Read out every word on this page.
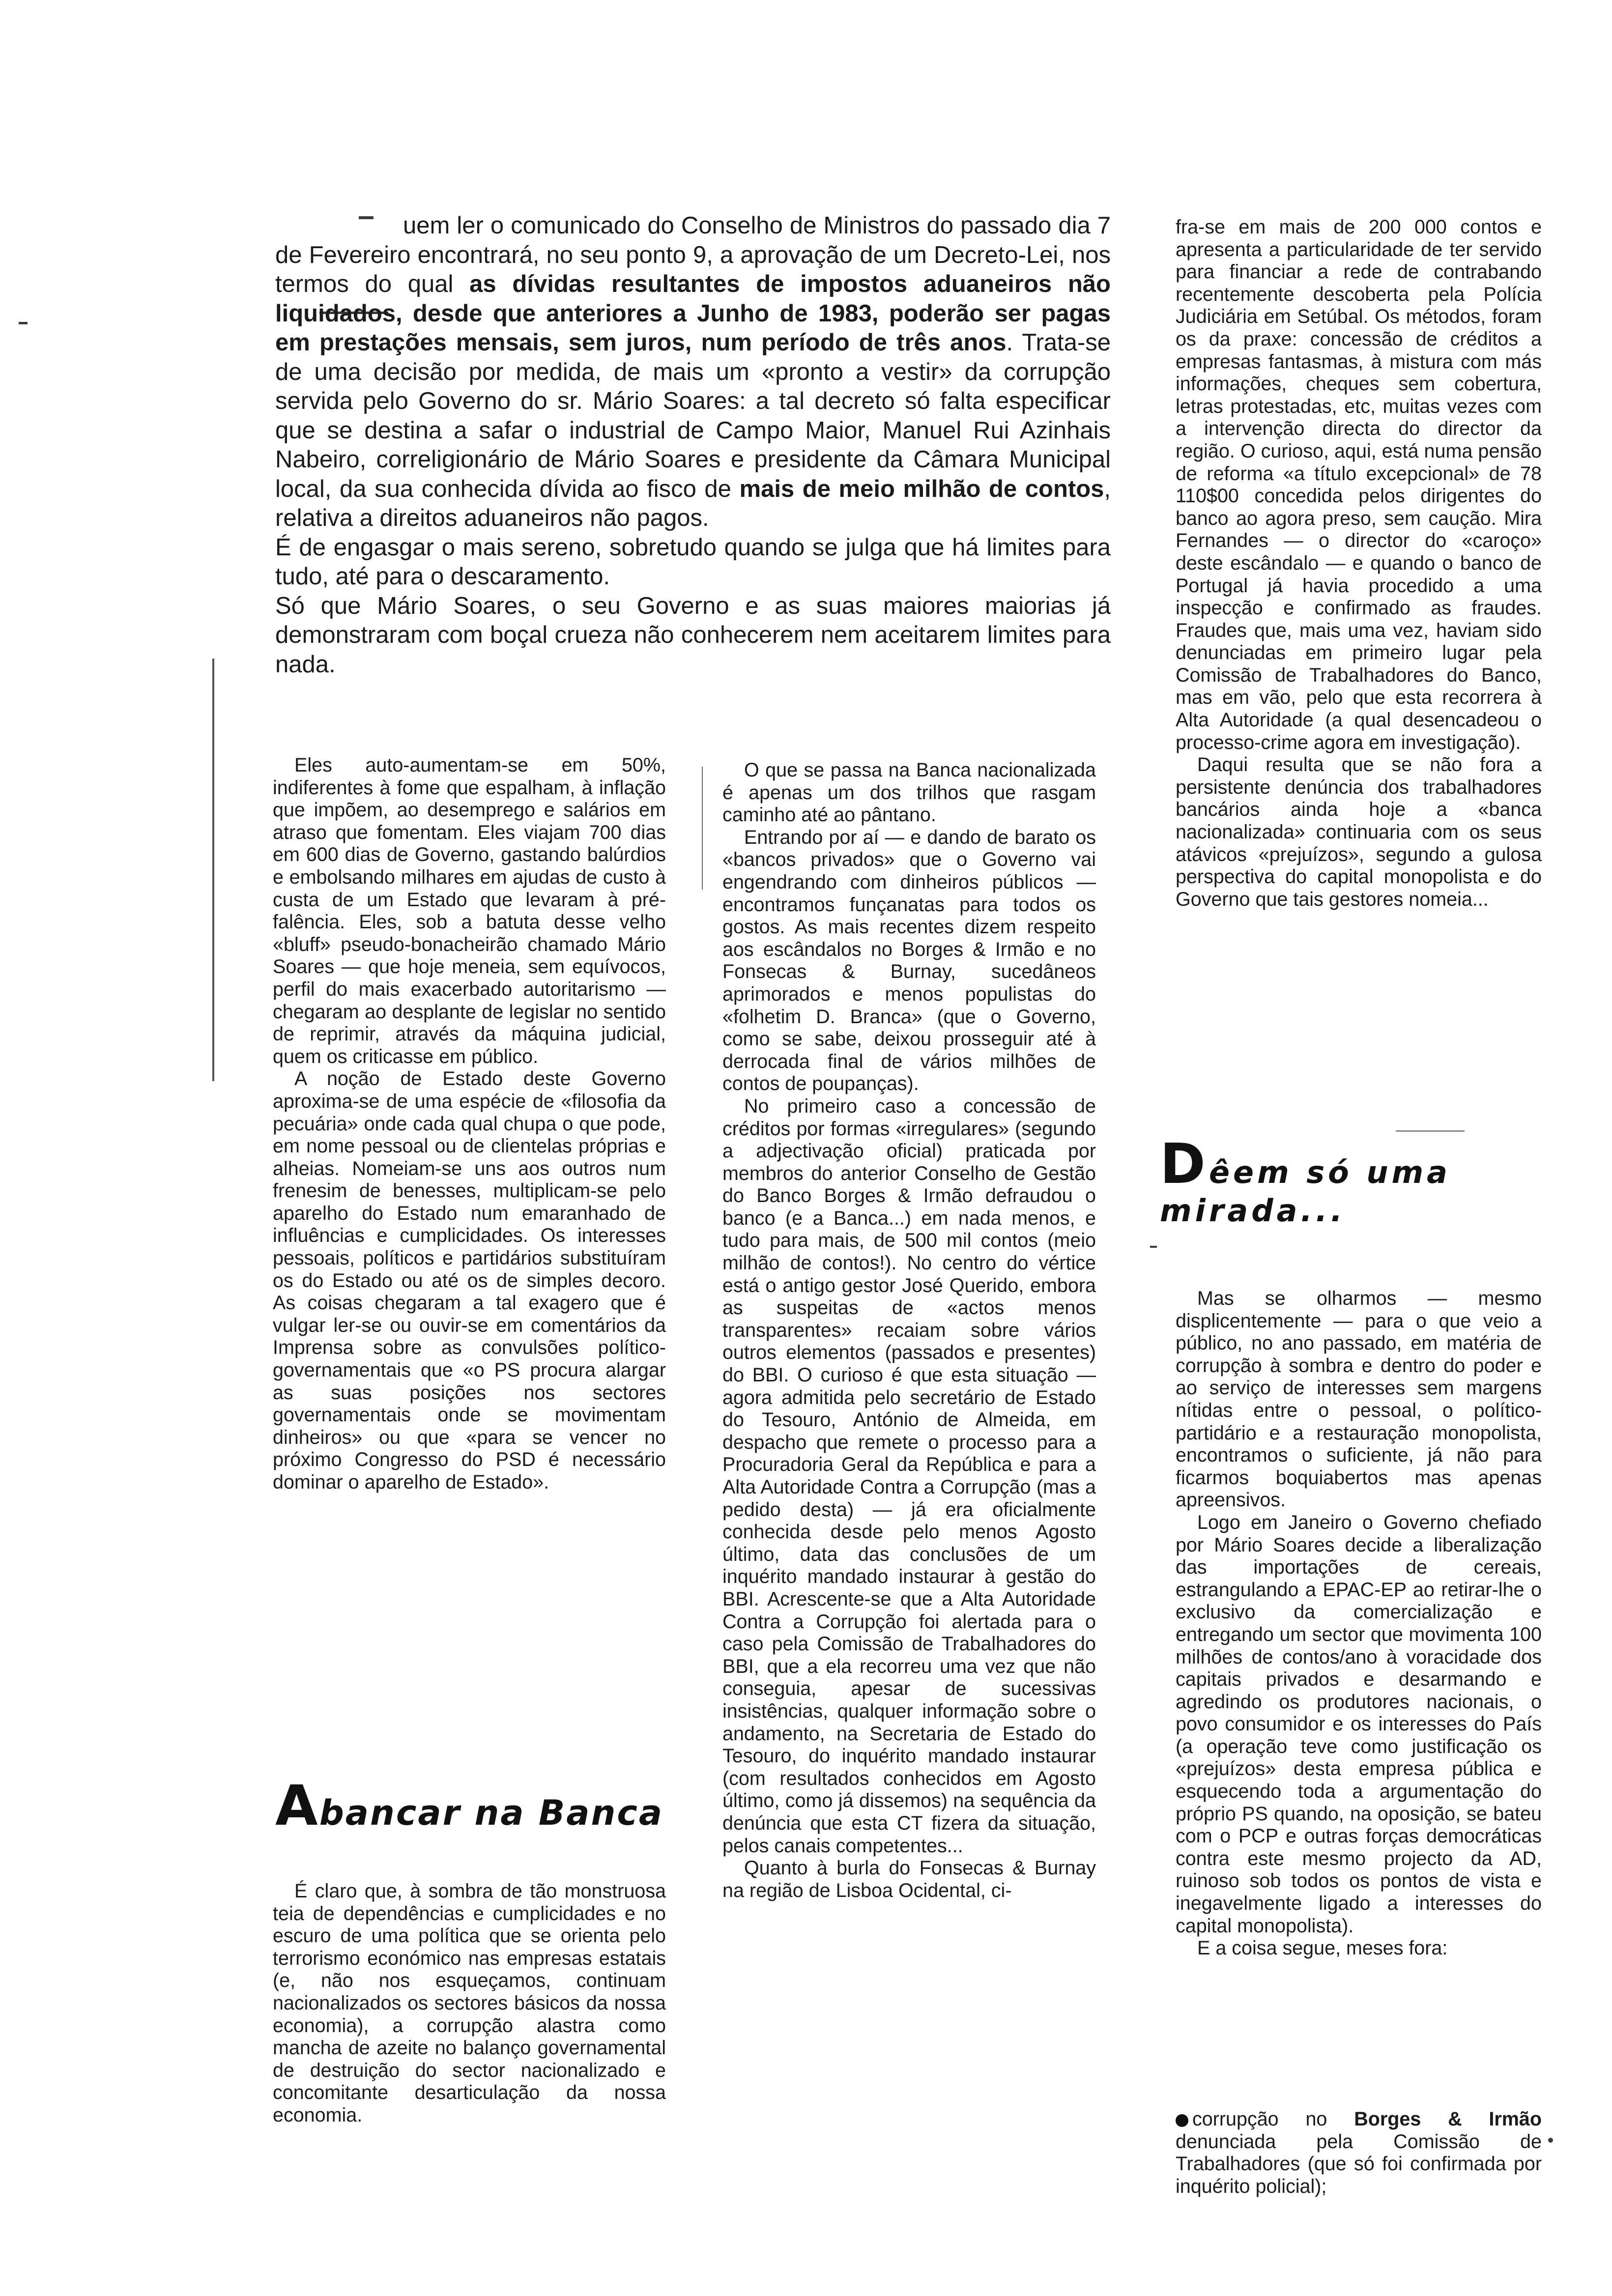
uem ler o comunicado do Conselho de Ministros do passado dia 7 de Fevereiro encontrará, no seu ponto 9, a aprovação de um Decreto-Lei, nos termos do qual as dívidas resultantes de impostos aduaneiros não liquidados, desde que anteriores a Junho de 1983, poderão ser pagas em prestações mensais, sem juros, num período de três anos. Trata-se de uma decisão por medida, de mais um «pronto a vestir» da corrupção servida pelo Governo do sr. Mário Soares: a tal decreto só falta especificar que se destina a safar o industrial de Campo Maior, Manuel Rui Azinhais Nabeiro, correligionário de Mário Soares e presidente da Câmara Municipal local, da sua conhecida dívida ao fisco de mais de meio milhão de contos, relativa a direitos aduaneiros não pagos.

É de engasgar o mais sereno, sobretudo quando se julga que há limites para tudo, até para o descaramento.

Só que Mário Soares, o seu Governo e as suas maiores maiorias já demonstraram com boçal crueza não conhecerem nem aceitarem limites para nada.

Eles auto-aumentam-se em 50%, indiferentes à fome que espalham, à inflação que impõem, ao desemprego e salários em atraso que fomentam. Eles viajam 700 dias em 600 dias de Governo, gastando balúrdios e embolsando milhares em ajudas de custo à custa de um Estado que levaram à pré-falência. Eles, sob a batuta desse velho «bluff» pseudo-bonacheirão chamado Mário Soares — que hoje meneia, sem equívocos, perfil do mais exacerbado autoritarismo — chegaram ao desplante de legislar no sentido de reprimir, através da máquina judicial, quem os criticasse em público.

A noção de Estado deste Governo aproxima-se de uma espécie de «filosofia da pecuária» onde cada qual chupa o que pode, em nome pessoal ou de clientelas próprias e alheias. Nomeiam-se uns aos outros num frenesim de benesses, multiplicam-se pelo aparelho do Estado num emaranhado de influências e cumplicidades. Os interesses pessoais, políticos e partidários substituíram os do Estado ou até os de simples decoro. As coisas chegaram a tal exagero que é vulgar ler-se ou ouvir-se em comentários da Imprensa sobre as convulsões político-governamentais que «o PS procura alargar as suas posições nos sectores governamentais onde se movimentam dinheiros» ou que «para se vencer no próximo Congresso do PSD é necessário dominar o aparelho de Estado».

Abancar na Banca

É claro que, à sombra de tão monstruosa teia de dependências e cumplicidades e no escuro de uma política que se orienta pelo terrorismo económico nas empresas estatais (e, não nos esqueçamos, continuam nacionalizados os sectores básicos da nossa economia), a corrupção alastra como mancha de azeite no balanço governamental de destruição do sector nacionalizado e concomitante desarticulação da nossa economia.

O que se passa na Banca nacionalizada é apenas um dos trilhos que rasgam caminho até ao pântano.

Entrando por aí — e dando de barato os «bancos privados» que o Governo vai engendrando com dinheiros públicos — encontramos funçanatas para todos os gostos. As mais recentes dizem respeito aos escândalos no Borges & Irmão e no Fonsecas & Burnay, sucedâneos aprimorados e menos populistas do «folhetim D. Branca» (que o Governo, como se sabe, deixou prosseguir até à derrocada final de vários milhões de contos de poupanças).

No primeiro caso a concessão de créditos por formas «irregulares» (segundo a adjectivação oficial) praticada por membros do anterior Conselho de Gestão do Banco Borges & Irmão defraudou o banco (e a Banca...) em nada menos, e tudo para mais, de 500 mil contos (meio milhão de contos!). No centro do vértice está o antigo gestor José Querido, embora as suspeitas de «actos menos transparentes» recaiam sobre vários outros elementos (passados e presentes) do BBI. O curioso é que esta situação — agora admitida pelo secretário de Estado do Tesouro, António de Almeida, em despacho que remete o processo para a Procuradoria Geral da República e para a Alta Autoridade Contra a Corrupção (mas a pedido desta) — já era oficialmente conhecida desde pelo menos Agosto último, data das conclusões de um inquérito mandado instaurar à gestão do BBI. Acrescente-se que a Alta Autoridade Contra a Corrupção foi alertada para o caso pela Comissão de Trabalhadores do BBI, que a ela recorreu uma vez que não conseguia, apesar de sucessivas insistências, qualquer informação sobre o andamento, na Secretaria de Estado do Tesouro, do inquérito mandado instaurar (com resultados conhecidos em Agosto último, como já dissemos) na sequência da denúncia que esta CT fizera da situação, pelos canais competentes...

Quanto à burla do Fonsecas & Burnay na região de Lisboa Ocidental, ci-

fra-se em mais de 200 000 contos e apresenta a particularidade de ter servido para financiar a rede de contrabando recentemente descoberta pela Polícia Judiciária em Setúbal. Os métodos, foram os da praxe: concessão de créditos a empresas fantasmas, à mistura com más informações, cheques sem cobertura, letras protestadas, etc, muitas vezes com a intervenção directa do director da região. O curioso, aqui, está numa pensão de reforma «a título excepcional» de 78 110$00 concedida pelos dirigentes do banco ao agora preso, sem caução. Mira Fernandes — o director do «caroço» deste escândalo — e quando o banco de Portugal já havia procedido a uma inspecção e confirmado as fraudes. Fraudes que, mais uma vez, haviam sido denunciadas em primeiro lugar pela Comissão de Trabalhadores do Banco, mas em vão, pelo que esta recorrera à Alta Autoridade (a qual desencadeou o processo-crime agora em investigação).

Daqui resulta que se não fora a persistente denúncia dos trabalhadores bancários ainda hoje a «banca nacionalizada» continuaria com os seus atávicos «prejuízos», segundo a gulosa perspectiva do capital monopolista e do Governo que tais gestores nomeia...

Dêem só uma
mirada...

Mas se olharmos — mesmo displicentemente — para o que veio a público, no ano passado, em matéria de corrupção à sombra e dentro do poder e ao serviço de interesses sem margens nítidas entre o pessoal, o político-partidário e a restauração monopolista, encontramos o suficiente, já não para ficarmos boquiabertos mas apenas apreensivos.

Logo em Janeiro o Governo chefiado por Mário Soares decide a liberalização das importações de cereais, estrangulando a EPAC-EP ao retirar-lhe o exclusivo da comercialização e entregando um sector que movimenta 100 milhões de contos/ano à voracidade dos capitais privados e desarmando e agredindo os produtores nacionais, o povo consumidor e os interesses do País (a operação teve como justificação os «prejuízos» desta empresa pública e esquecendo toda a argumentação do próprio PS quando, na oposição, se bateu com o PCP e outras forças democráticas contra este mesmo projecto da AD, ruinoso sob todos os pontos de vista e inegavelmente ligado a interesses do capital monopolista).

E a coisa segue, meses fora:

corrupção no Borges & Irmão denunciada pela Comissão de Trabalhadores (que só foi confirmada por inquérito policial);
